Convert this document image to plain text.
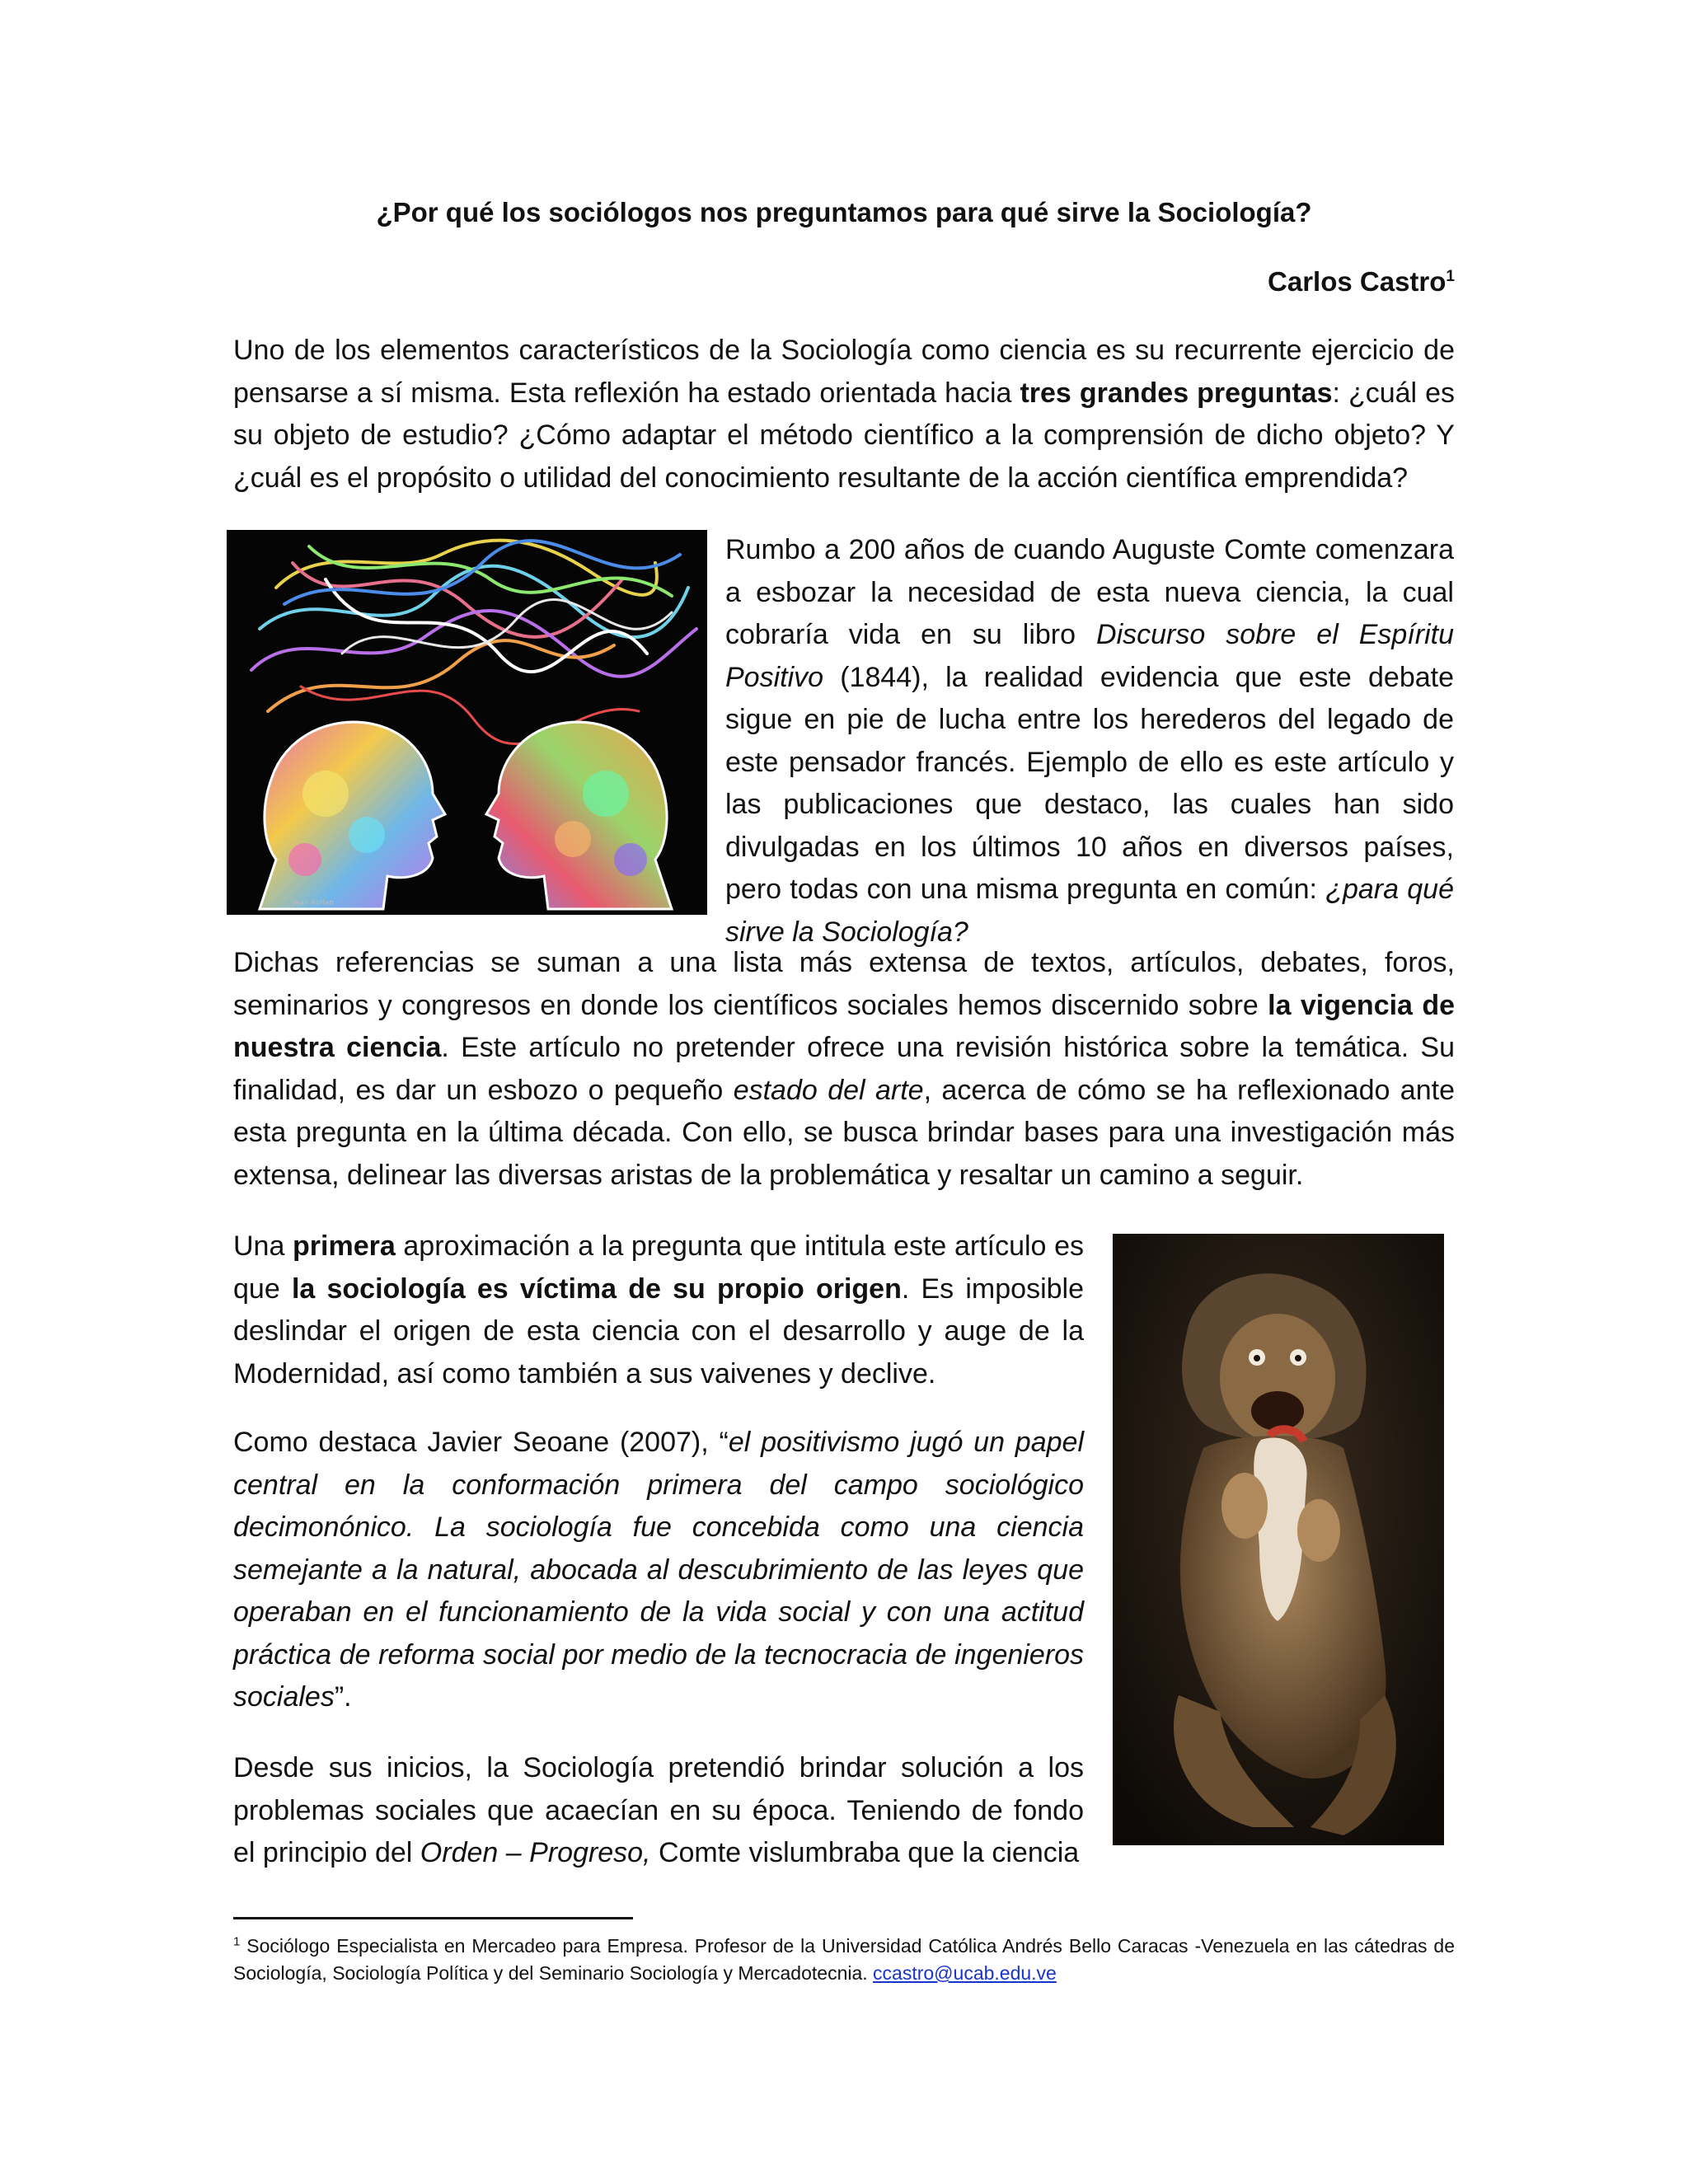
¿Por qué los sociólogos nos preguntamos para qué sirve la Sociología?
Carlos Castro$^1$

Uno de los elementos característicos de la Sociología como ciencia es su recurrente ejercicio de pensarse a sí misma. Esta reflexión ha estado orientada hacia tres grandes preguntas: ¿cuál es su objeto de estudio? ¿Cómo adaptar el método científico a la comprensión de dicho objeto? Y ¿cuál es el propósito o utilidad del conocimiento resultante de la acción científica emprendida?

Jean Rollan

Rumbo a 200 años de cuando Auguste Comte comenzara a esbozar la necesidad de esta nueva ciencia, la cual cobraría vida en su libro Discurso sobre el Espíritu Positivo (1844), la realidad evidencia que este debate sigue en pie de lucha entre los herederos del legado de este pensador francés. Ejemplo de ello es este artículo y las publicaciones que destaco, las cuales han sido divulgadas en los últimos 10 años en diversos países, pero todas con una misma pregunta en común: ¿para qué sirve la Sociología?

Dichas referencias se suman a una lista más extensa de textos, artículos, debates, foros, seminarios y congresos en donde los científicos sociales hemos discernido sobre la vigencia de nuestra ciencia. Este artículo no pretender ofrece una revisión histórica sobre la temática. Su finalidad, es dar un esbozo o pequeño estado del arte, acerca de cómo se ha reflexionado ante esta pregunta en la última década. Con ello, se busca brindar bases para una investigación más extensa, delinear las diversas aristas de la problemática y resaltar un camino a seguir.

Una primera aproximación a la pregunta que intitula este artículo es que la sociología es víctima de su propio origen. Es imposible deslindar el origen de esta ciencia con el desarrollo y auge de la Modernidad, así como también a sus vaivenes y declive.

Como destaca Javier Seoane (2007), “el positivismo jugó un papel central en la conformación primera del campo sociológico decimonónico. La sociología fue concebida como una ciencia semejante a la natural, abocada al descubrimiento de las leyes que operaban en el funcionamiento de la vida social y con una actitud práctica de reforma social por medio de la tecnocracia de ingenieros sociales”.

Desde sus inicios, la Sociología pretendió brindar solución a los problemas sociales que acaecían en su época. Teniendo de fondo el principio del Orden – Progreso, Comte vislumbraba que la ciencia

$^1$ Sociólogo Especialista en Mercadeo para Empresa. Profesor de la Universidad Católica Andrés Bello Caracas -Venezuela en las cátedras de Sociología, Sociología Política y del Seminario Sociología y Mercadotecnia. ccastro@ucab.edu.ve
